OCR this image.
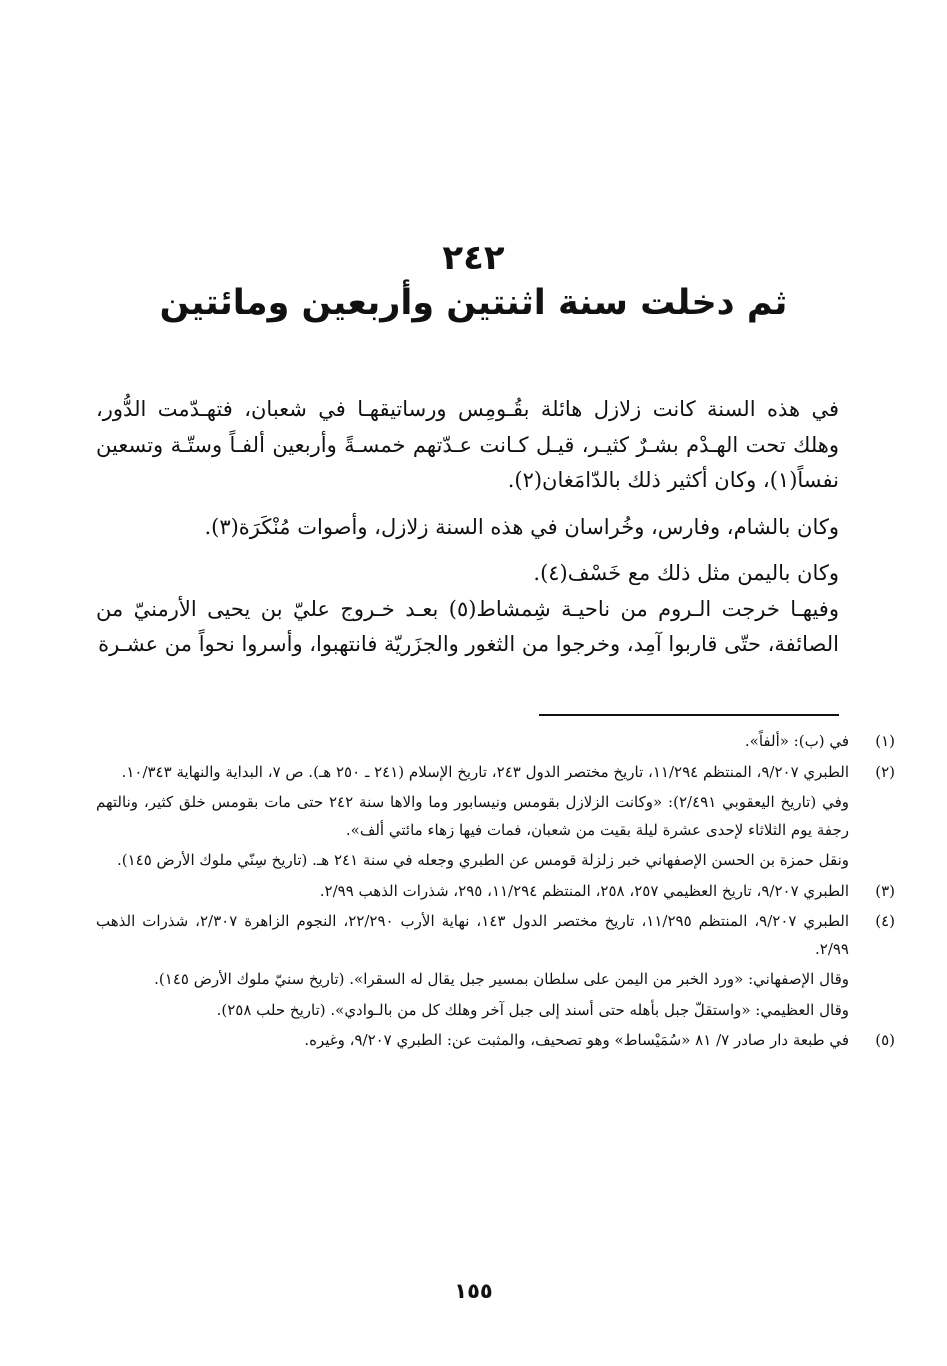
٢٤٢
ثم دخلت سنة اثنتين وأربعين ومائتين

في هذه السنة كانت زلازل هائلة بقُـومِس ورساتيقهـا في شعبان، فتهـدّمت الدُّور، وهلك تحت الهـدْم بشـرٌ كثيـر، قيـل كـانت عـدّتهم خمسـةً وأربعين ألفـاً وستّـة وتسعين نفساً(١)، وكان أكثير ذلك بالدّامَغان(٢).

وكان بالشام، وفارس، وخُراسان في هذه السنة زلازل، وأصوات مُنْكَرَة(٣).

وكان باليمن مثل ذلك مع خَسْف(٤).

وفيهـا خرجت الـروم من ناحيـة شِمشاط(٥) بعـد خـروج عليّ بن يحيى الأرمنيّ من الصائفة، حتّى قاربوا آمِد، وخرجوا من الثغور والجزَريّة فانتهبوا، وأسروا نحواً من عشـرة

(١)

في (ب): «ألفاً».

(٢)

الطبري ٩/٢٠٧، المنتظم ١١/٢٩٤، تاريخ مختصر الدول ٢٤٣، تاريخ الإسلام (٢٤١ ـ ٢٥٠ هـ). ص ٧، البداية والنهاية ١٠/٣٤٣.

وفي (تاريخ اليعقوبي ٢/٤٩١): «وكانت الزلازل بقومس ونيسابور وما والاها سنة ٢٤٢ حتى مات بقومس خلق كثير، ونالتهم رجفة يوم الثلاثاء لإحدى عشرة ليلة بقيت من شعبان، فمات فيها زهاء مائتي ألف».

ونقل حمزة بن الحسن الإصفهاني خبر زلزلة قومس عن الطبري وجعله في سنة ٢٤١ هـ. (تاريخ سِنّي ملوك الأرض ١٤٥).

(٣)

الطبري ٩/٢٠٧، تاريخ العظيمي ٢٥٧، ٢٥٨، المنتظم ١١/٢٩٤، ٢٩٥، شذرات الذهب ٢/٩٩.

(٤)

الطبري ٩/٢٠٧، المنتظم ١١/٢٩٥، تاريخ مختصر الدول ١٤٣، نهاية الأرب ٢٢/٢٩٠، النجوم الزاهرة ٢/٣٠٧، شذرات الذهب ٢/٩٩.

وقال الإصفهاني: «ورد الخبر من اليمن على سلطان بمسير جبل يقال له السقرا». (تاريخ سنيّ ملوك الأرض ١٤٥).

وقال العظيمي: «واستقلّ جبل بأهله حتى أسند إلى جبل آخر وهلك كل من بالـوادي». (تاريخ حلب ٢٥٨).

(٥)

في طبعة دار صادر ٧/ ٨١ «سُمَيْساط» وهو تصحيف، والمثبت عن: الطبري ٩/٢٠٧، وغيره.

١٥٥
